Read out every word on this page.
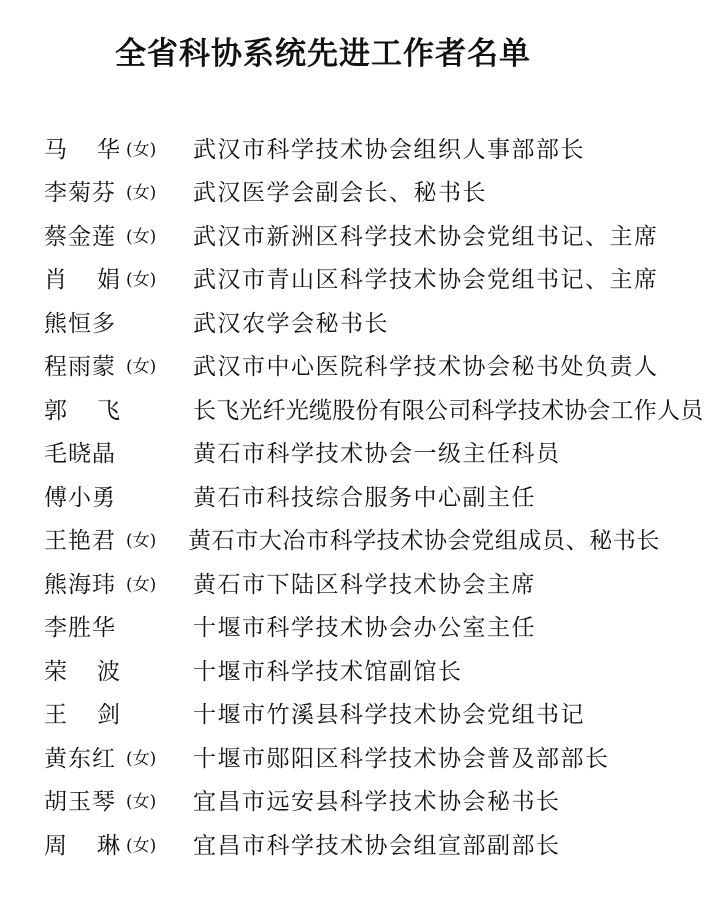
全省科协系统先进工作者名单
马 华 (女) 武汉市科学技术协会组织人事部部长
李菊芬 (女) 武汉医学会副会长、秘书长
蔡金莲 (女) 武汉市新洲区科学技术协会党组书记、主席
肖 娟 (女) 武汉市青山区科学技术协会党组书记、主席
熊恒多	武汉农学会秘书长
程雨蒙 (女) 武汉市中心医院科学技术协会秘书处负责人
郭 飞	长飞光纤光缆股份有限公司科学技术协会工作人员
毛晓晶	黄石市科学技术协会一级主任科员
傅小勇	黄石市科技综合服务中心副主任
王艳君 (女) 黄石市大冶市科学技术协会党组成员、秘书长
熊海玮 (女) 黄石市下陆区科学技术协会主席
李胜华	十堰市科学技术协会办公室主任
荣 波	十堰市科学技术馆副馆长
王 剑	十堰市竹溪县科学技术协会党组书记
黄东红 (女) 十堰市郧阳区科学技术协会普及部部长
胡玉琴 (女) 宜昌市远安县科学技术协会秘书长
周 琳 (女) 宜昌市科学技术协会组宣部副部长
